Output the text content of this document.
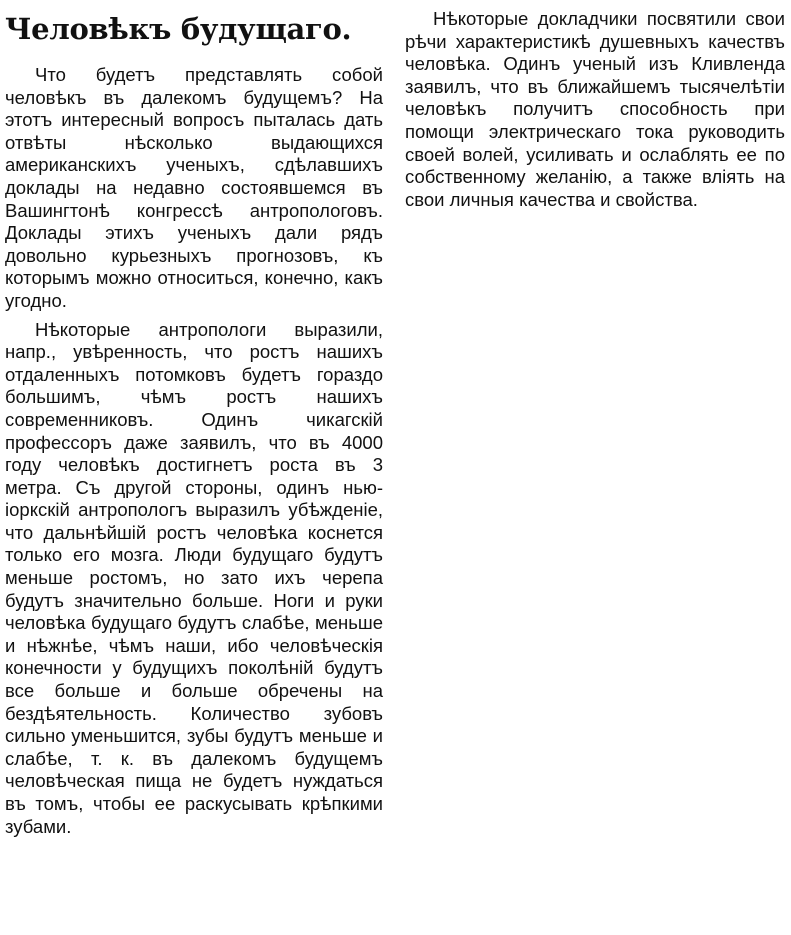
Человѣкъ будущаго.

Что будетъ представлять собой человѣкъ въ далекомъ будущемъ? На этотъ интересный вопросъ пыталась дать отвѣты нѣсколько выдающихся американскихъ ученыхъ, сдѣлавшихъ доклады на недавно состоявшемся въ Вашингтонѣ конгрессѣ антропологовъ. Доклады этихъ ученыхъ дали рядъ довольно курьезныхъ прогнозовъ, къ которымъ можно относиться, конечно, какъ угодно.

Нѣкоторые антропологи выразили, напр., увѣренность, что ростъ нашихъ отдаленныхъ потомковъ будетъ гораздо большимъ, чѣмъ ростъ нашихъ современниковъ. Одинъ чикагскій профессоръ даже заявилъ, что въ 4000 году человѣкъ достигнетъ роста въ 3 метра. Съ другой стороны, одинъ нью-iоркскій антропологъ выразилъ убѣжденіе, что дальнѣйшій ростъ человѣка коснется только его мозга. Люди будущаго будутъ меньше ростомъ, но зато ихъ черепа будутъ значительно больше. Ноги и руки человѣка будущаго будутъ слабѣе, меньше и нѣжнѣе, чѣмъ наши, ибо человѣческія конечности у будущихъ поколѣній будутъ все больше и больше обречены на бездѣятельность. Количество зубовъ сильно уменьшится, зубы будутъ меньше и слабѣе, т. к. въ далекомъ будущемъ человѣческая пища не будетъ нуждаться въ томъ, чтобы ее раскусывать крѣпкими зубами.

Нѣкоторые докладчики посвятили свои рѣчи характеристикѣ душевныхъ качествъ человѣка. Одинъ ученый изъ Кливленда заявилъ, что въ ближайшемъ тысячелѣтіи человѣкъ получитъ способность при помощи электрическаго тока руководить своей волей, усиливать и ослаблять ее по собственному желанію, а также вліять на свои личныя качества и свойства.
